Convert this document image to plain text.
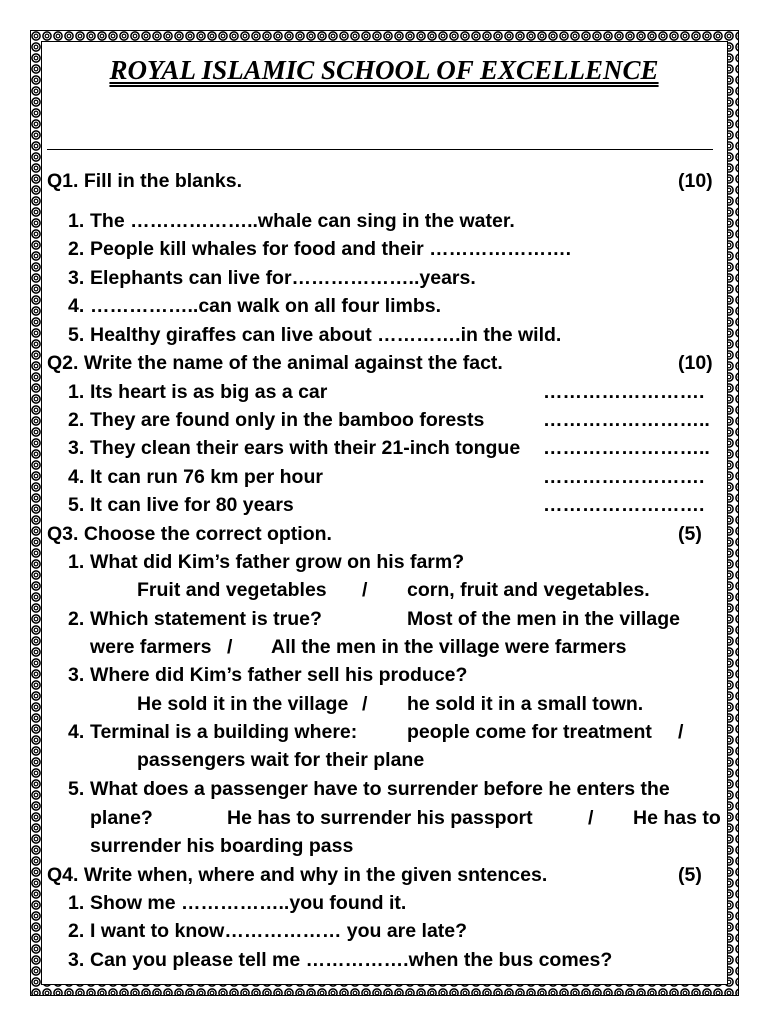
ROYAL ISLAMIC SCHOOL OF EXCELLENCE
Q1. Fill in the blanks.	(10)
1. The ………………..whale can sing in the water.
2. People kill whales for food and their ………………….
3. Elephants can live for………………..years.
4. ……………..can walk on all four limbs.
5. Healthy giraffes can live about ………….in the wild.
Q2. Write the name of the animal against the fact.	(10)
1. Its heart is as big as a car	…………………….
2. They are found only in the bamboo forests	……………………..
3. They clean their ears with their 21-inch tongue ……………………..
4. It can run 76 km per hour	…………………….
5. It can live for 80 years	…………………….
Q3. Choose the correct option.	(5)
1. What did Kim’s father grow on his farm?
Fruit and vegetables / corn, fruit and vegetables.
2. Which statement is true?	Most of the men in the village
were farmers / All the men in the village were farmers
3. Where did Kim’s father sell his produce?
He sold it in the village / he sold it in a small town.
4. Terminal is a building where:	people come for treatment /
passengers wait for their plane
5. What does a passenger have to surrender before he enters the
plane?	He has to surrender his passport	/ He has to
surrender his boarding pass
Q4. Write when, where and why in the given sntences.	(5)
1. Show me ……………..you found it.
2. I want to know……………… you are late?
3. Can you please tell me …………….when the bus comes?
